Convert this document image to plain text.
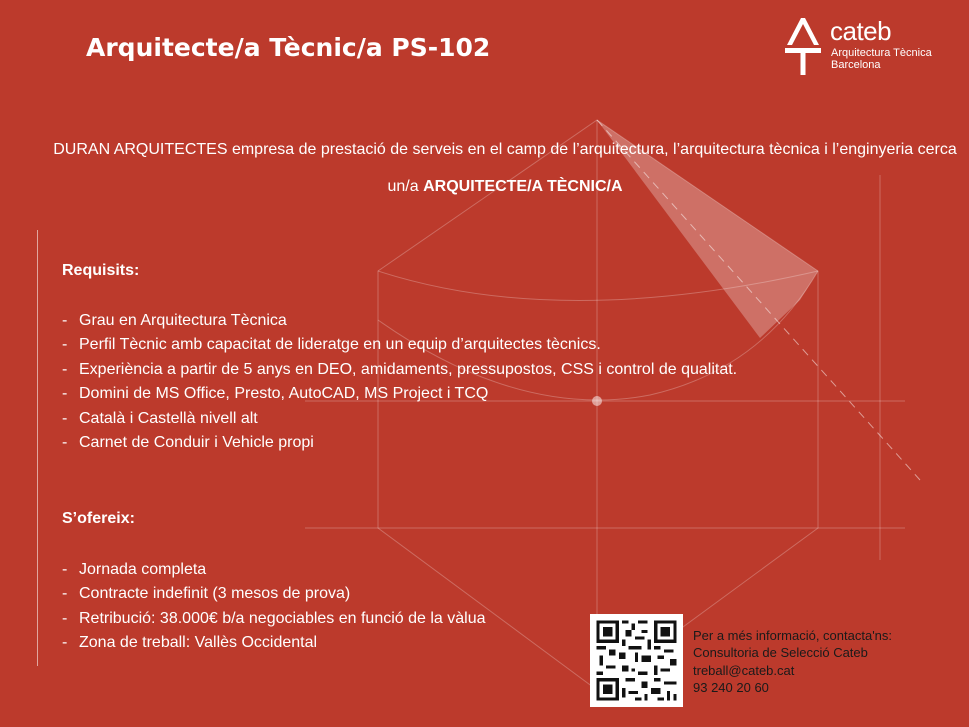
Arquitecte/a Tècnic/a PS-102
cateb
Arquitectura Tècnica
Barcelona

DURAN ARQUITECTES empresa de prestació de serveis en el camp de l’arquitectura, l’arquitectura tècnica i l’enginyeria cerca un/a ARQUITECTE/A TÈCNIC/A

Requisits:

- Grau en Arquitectura Tècnica
- Perfil Tècnic amb capacitat de lideratge en un equip d’arquitectes tècnics.
- Experiència a partir de 5 anys en DEO, amidaments, pressupostos, CSS i control de qualitat.
- Domini de MS Office, Presto, AutoCAD, MS Project i TCQ
- Català i Castellà nivell alt
- Carnet de Conduir i Vehicle propi

S’ofereix:

- Jornada completa
- Contracte indefinit (3 mesos de prova)
- Retribució: 38.000€ b/a negociables en funció de la vàlua
- Zona de treball: Vallès Occidental	Per a més informació, contacta'ns:
Consultoria de Selecció Cateb
treball@cateb.cat
93 240 20 60
